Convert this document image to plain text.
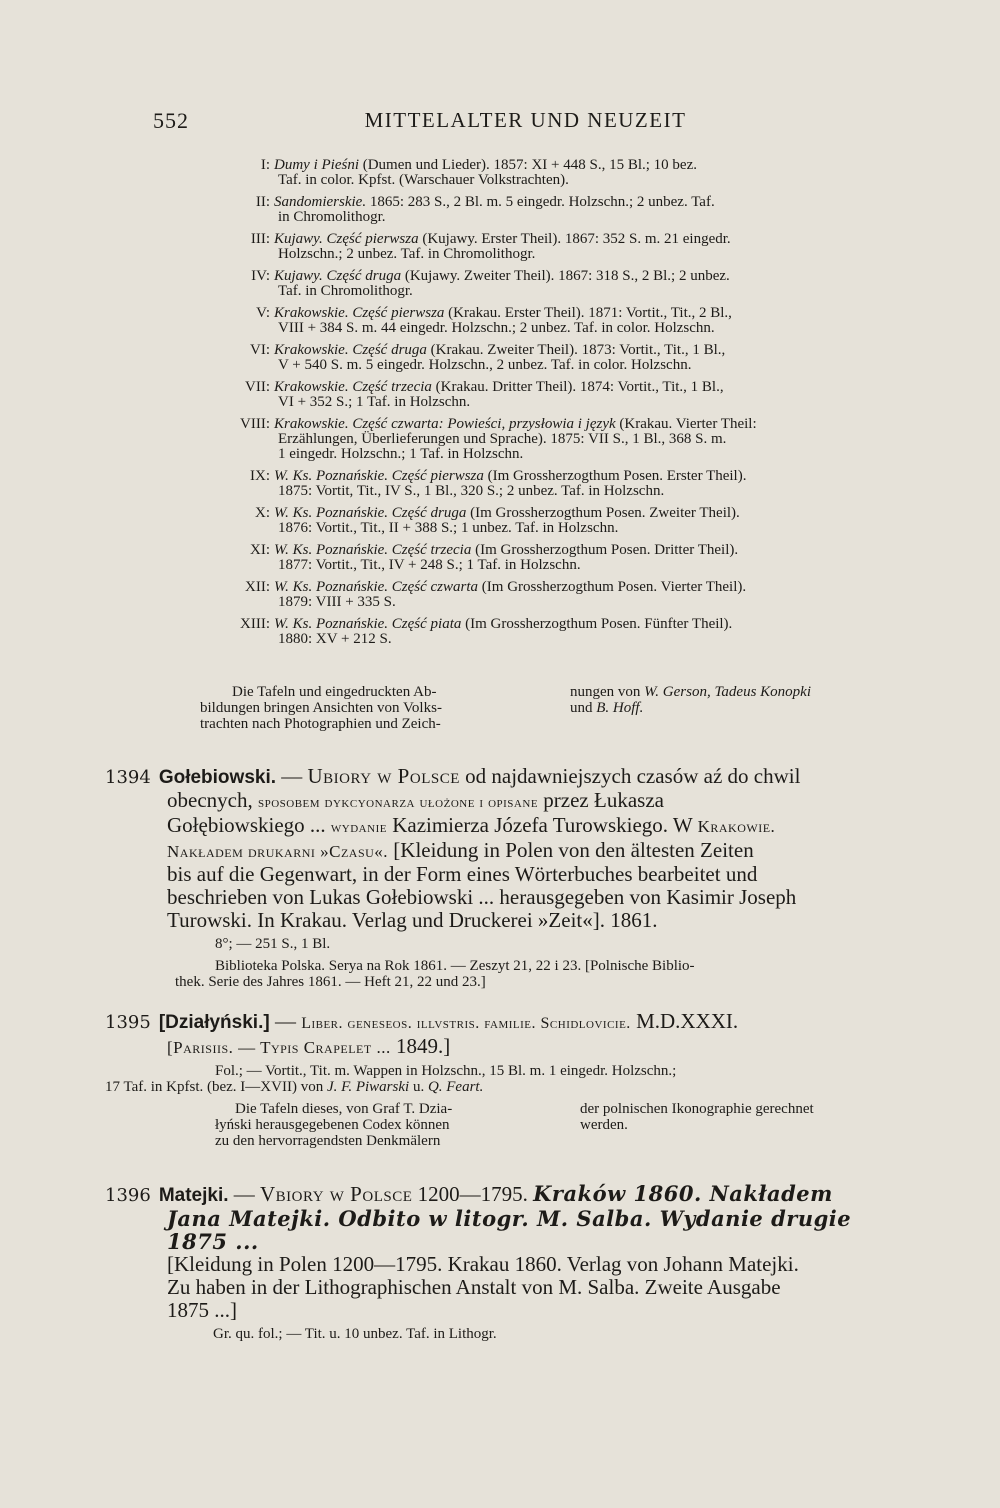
552	MITTELALTER UND NEUZEIT
I: Dumy i Pieśni (Dumen und Lieder). 1857: XI + 448 S., 15 Bl.; 10 bez.
Taf. in color. Kpfst. (Warschauer Volkstrachten).
II: Sandomierskie. 1865: 283 S., 2 Bl. m. 5 eingedr. Holzschn.; 2 unbez. Taf.
in Chromolithogr.
III: Kujawy. Część pierwsza (Kujawy. Erster Theil). 1867: 352 S. m. 21 eingedr.
Holzschn.; 2 unbez. Taf. in Chromolithogr.
IV: Kujawy. Część druga (Kujawy. Zweiter Theil). 1867: 318 S., 2 Bl.; 2 unbez.
Taf. in Chromolithogr.
V: Krakowskie. Część pierwsza (Krakau. Erster Theil). 1871: Vortit., Tit., 2 Bl.,
VIII + 384 S. m. 44 eingedr. Holzschn.; 2 unbez. Taf. in color. Holzschn.
VI: Krakowskie. Część druga (Krakau. Zweiter Theil). 1873: Vortit., Tit., 1 Bl.,
V + 540 S. m. 5 eingedr. Holzschn., 2 unbez. Taf. in color. Holzschn.
VII: Krakowskie. Część trzecia (Krakau. Dritter Theil). 1874: Vortit., Tit., 1 Bl.,
VI + 352 S.; 1 Taf. in Holzschn.
VIII: Krakowskie. Część czwarta: Powieści, przysłowia i język (Krakau. Vierter Theil:
Erzählungen, Überlieferungen und Sprache). 1875: VII S., 1 Bl., 368 S. m.
1 eingedr. Holzschn.; 1 Taf. in Holzschn.
IX: W. Ks. Poznańskie. Część pierwsza (Im Grossherzogthum Posen. Erster Theil).
1875: Vortit, Tit., IV S., 1 Bl., 320 S.; 2 unbez. Taf. in Holzschn.
X: W. Ks. Poznańskie. Część druga (Im Grossherzogthum Posen. Zweiter Theil).
1876: Vortit., Tit., II + 388 S.; 1 unbez. Taf. in Holzschn.
XI: W. Ks. Poznańskie. Część trzecia (Im Grossherzogthum Posen. Dritter Theil).
1877: Vortit., Tit., IV + 248 S.; 1 Taf. in Holzschn.
XII: W. Ks. Poznańskie. Część czwarta (Im Grossherzogthum Posen. Vierter Theil).
1879: VIII + 335 S.
XIII: W. Ks. Poznańskie. Część piata (Im Grossherzogthum Posen. Fünfter Theil).
1880: XV + 212 S.
Die Tafeln und eingedruckten Ab-
bildungen bringen Ansichten von Volks-
trachten nach Photographien und Zeich-
nungen von W. Gerson, Tadeus Konopki
und B. Hoff.
1394 Gołebiowski. — Ubiory w Polsce od najdawniejszych czasów aź do chwil
obecnych, sposobem dykcyonarza ułożone i opisane przez Łukasza
Gołębiowskiego ... wydanie Kazimierza Józefa Turowskiego. W Krakowie.
Nakładem drukarni »Czasu«. [Kleidung in Polen von den ältesten Zeiten
bis auf die Gegenwart, in der Form eines Wörterbuches bearbeitet und
beschrieben von Lukas Gołebiowski ... herausgegeben von Kasimir Joseph
Turowski. In Krakau. Verlag und Druckerei »Zeit«]. 1861.
8°; — 251 S., 1 Bl.
Biblioteka Polska. Serya na Rok 1861. — Zeszyt 21, 22 i 23. [Polnische Biblio-
thek. Serie des Jahres 1861. — Heft 21, 22 und 23.]
1395 [Działyński.] — Liber. geneseos. illvstris. familie. Schidlovicie. M.D.XXXI.
[Parisiis. — Typis Crapelet ... 1849.]
Fol.; — Vortit., Tit. m. Wappen in Holzschn., 15 Bl. m. 1 eingedr. Holzschn.;
17 Taf. in Kpfst. (bez. I—XVII) von J. F. Piwarski u. Q. Feart.
Die Tafeln dieses, von Graf T. Dzia-
łyński herausgegebenen Codex können
zu den hervorragendsten Denkmälern
der polnischen Ikonographie gerechnet
werden.
1396 Matejki. — Vbiory w Polsce 1200—1795. Kraków 1860. Nakładem
Jana Matejki. Odbito w litogr. M. Salba. Wydanie drugie 1875 ...
[Kleidung in Polen 1200—1795. Krakau 1860. Verlag von Johann Matejki.
Zu haben in der Lithographischen Anstalt von M. Salba. Zweite Ausgabe
1875 ...]
Gr. qu. fol.; — Tit. u. 10 unbez. Taf. in Lithogr.
